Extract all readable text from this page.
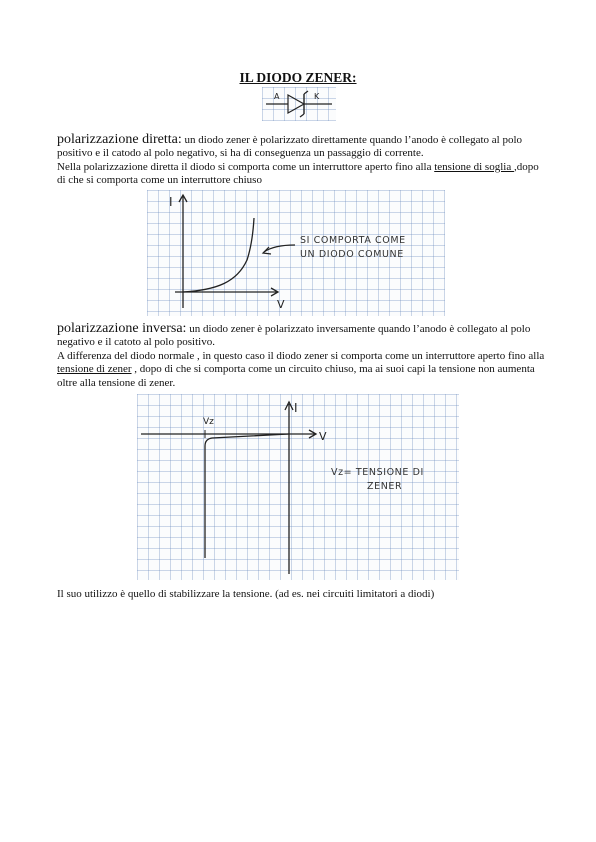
IL DIODO ZENER:
A	K
polarizzazione diretta: un diodo zener è polarizzato direttamente quando l’anodo è collegato al polo positivo e il catodo al polo negativo, si ha di conseguenza un passaggio di corrente.
Nella polarizzazione diretta il diodo si comporta come un interruttore aperto fino alla tensione di soglia ,dopo di che si comporta come un interruttore chiuso
I
V
SI COMPORTA COME
UN DIODO COMUNE
polarizzazione inversa: un diodo zener è polarizzato inversamente quando l’anodo è collegato al polo negativo e il catoto al polo positivo.
A differenza del diodo normale , in questo caso il diodo zener si comporta come un interruttore aperto fino alla tensione di zener , dopo di che si comporta come un circuito chiuso, ma ai suoi capi la tensione non aumenta oltre alla tensione di zener.
I
V
Vz
Vz= TENSIONE DI
ZENER
Il suo utilizzo è quello di stabilizzare la tensione. (ad es. nei circuiti limitatori a diodi)
